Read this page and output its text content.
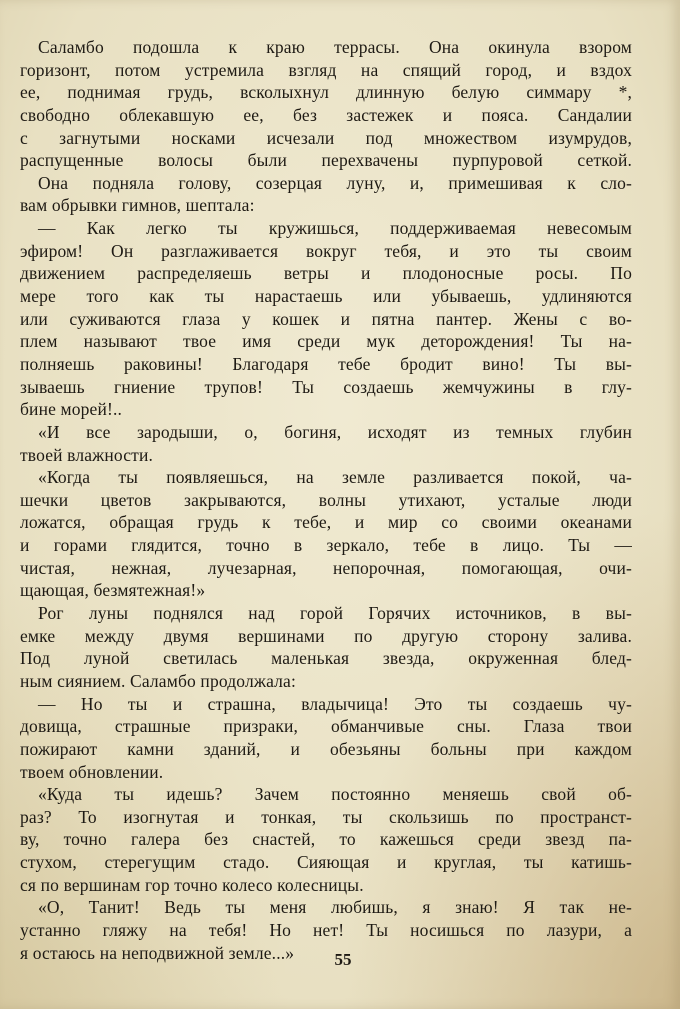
Саламбо подошла к краю террасы. Она окинула взором
горизонт, потом устремила взгляд на спящий город, и вздох
ее, поднимая грудь, всколыхнул длинную белую симмару *,
свободно облекавшую ее, без застежек и пояса. Сандалии
с загнутыми носками исчезали под множеством изумрудов,
распущенные волосы были перехвачены пурпуровой сеткой.
Она подняла голову, созерцая луну, и, примешивая к сло-
вам обрывки гимнов, шептала:
— Как легко ты кружишься, поддерживаемая невесомым
эфиром! Он разглаживается вокруг тебя, и это ты своим
движением распределяешь ветры и плодоносные росы. По
мере того как ты нарастаешь или убываешь, удлиняются
или суживаются глаза у кошек и пятна пантер. Жены с во-
плем называют твое имя среди мук деторождения! Ты на-
полняешь раковины! Благодаря тебе бродит вино! Ты вы-
зываешь гниение трупов! Ты создаешь жемчужины в глу-
бине морей!..
«И все зародыши, о, богиня, исходят из темных глубин
твоей влажности.
«Когда ты появляешься, на земле разливается покой, ча-
шечки цветов закрываются, волны утихают, усталые люди
ложатся, обращая грудь к тебе, и мир со своими океанами
и горами глядится, точно в зеркало, тебе в лицо. Ты —
чистая, нежная, лучезарная, непорочная, помогающая, очи-
щающая, безмятежная!»
Рог луны поднялся над горой Горячих источников, в вы-
емке между двумя вершинами по другую сторону залива.
Под луной светилась маленькая звезда, окруженная блед-
ным сиянием. Саламбо продолжала:
— Но ты и страшна, владычица! Это ты создаешь чу-
довища, страшные призраки, обманчивые сны. Глаза твои
пожирают камни зданий, и обезьяны больны при каждом
твоем обновлении.
«Куда ты идешь? Зачем постоянно меняешь свой об-
раз? То изогнутая и тонкая, ты скользишь по пространст-
ву, точно галера без снастей, то кажешься среди звезд па-
стухом, стерегущим стадо. Сияющая и круглая, ты катишь-
ся по вершинам гор точно колесо колесницы.
«О, Танит! Ведь ты меня любишь, я знаю! Я так не-
устанно гляжу на тебя! Но нет! Ты носишься по лазури, а
я остаюсь на неподвижной земле...»	55
